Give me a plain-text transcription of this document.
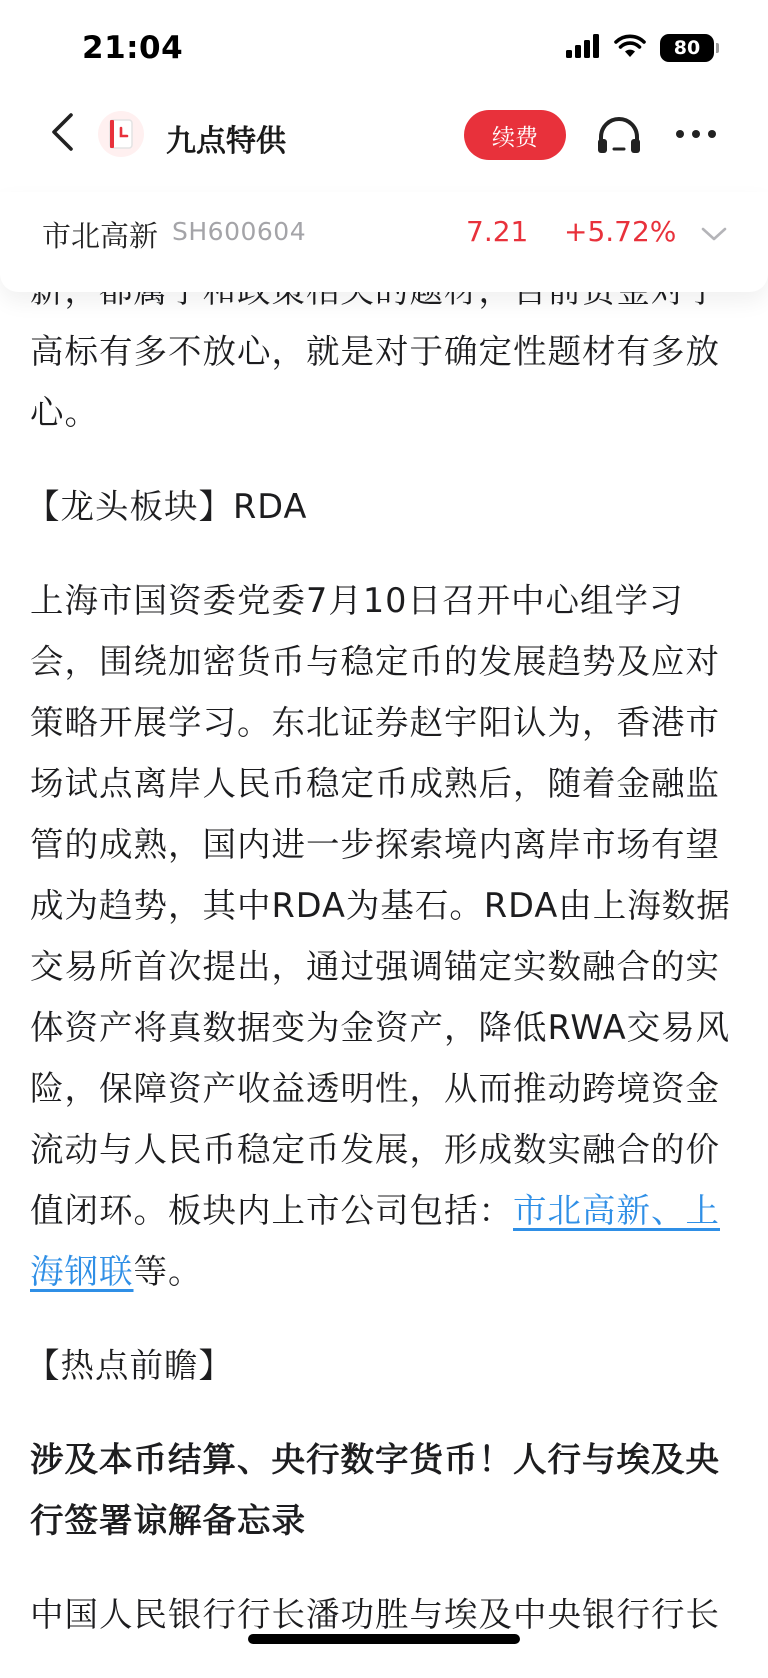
21:04	80
九点特供	续费
市北高新 SH600604	7.21 +5.72%

高标有多不放心，就是对于确定性题材有多放心。

【龙头板块】RDA

上海市国资委党委7月10日召开中心组学习会，围绕加密货币与稳定币的发展趋势及应对策略开展学习。东北证券赵宇阳认为，香港市场试点离岸人民币稳定币成熟后，随着金融监管的成熟，国内进一步探索境内离岸市场有望成为趋势，其中RDA为基石。RDA由上海数据交易所首次提出，通过强调锚定实数融合的实体资产将真数据变为金资产，降低RWA交易风险，保障资产收益透明性，从而推动跨境资金流动与人民币稳定币发展，形成数实融合的价值闭环。板块内上市公司包括：市北高新、上海钢联等。

【热点前瞻】

涉及本币结算、央行数字货币！人行与埃及央行签署谅解备忘录

中国人民银行行长潘功胜与埃及中央银行行长
